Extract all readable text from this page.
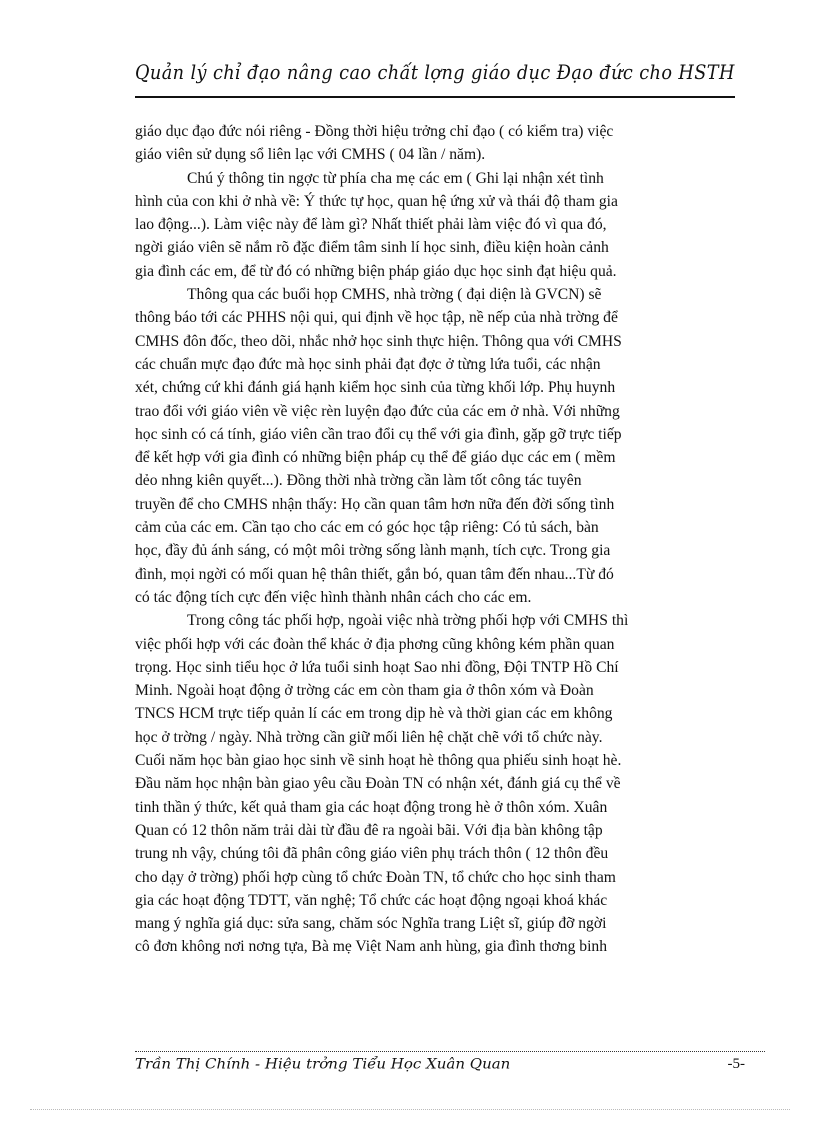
Quản lý chỉ đạo nâng cao chất lợng giáo dục Đạo đức cho HSTH
giáo dục đạo đức nói riêng - Đồng thời hiệu trởng chỉ đạo ( có kiểm tra) việc
giáo viên sử dụng sổ liên lạc với CMHS ( 04 lần / năm).
Chú ý thông tin ngợc từ phía cha mẹ các em ( Ghi lại nhận xét tình
hình của con khi ở nhà về: Ý thức tự học, quan hệ ứng xử và thái độ tham gia
lao động...). Làm việc này để làm gì? Nhất thiết phải làm việc đó vì qua đó,
ngời giáo viên sẽ nắm rõ đặc điểm tâm sinh lí học sinh, điều kiện hoàn cảnh
gia đình các em, để từ đó có những biện pháp giáo dục học sinh đạt hiệu quả.
Thông qua các buổi họp CMHS, nhà trờng ( đại diện là GVCN) sẽ
thông báo tới các PHHS nội qui, qui định về học tập, nề nếp của nhà trờng để
CMHS đôn đốc, theo dõi, nhắc nhở học sinh thực hiện. Thông qua với CMHS
các chuẩn mực đạo đức mà học sinh phải đạt đợc ở từng lứa tuổi, các nhận
xét, chứng cứ khi đánh giá hạnh kiểm học sinh của từng khối lớp. Phụ huynh
trao đổi với giáo viên về việc rèn luyện đạo đức của các em ở nhà. Với những
học sinh có cá tính, giáo viên cần trao đổi cụ thể với gia đình, gặp gỡ trực tiếp
để kết hợp với gia đình có những biện pháp cụ thể để giáo dục các em ( mềm
dẻo nhng kiên quyết...). Đồng thời nhà trờng cần làm tốt công tác tuyên
truyền để cho CMHS nhận thấy: Họ cần quan tâm hơn nữa đến đời sống tình
cảm của các em. Cần tạo cho các em có góc học tập riêng: Có tủ sách, bàn
học, đầy đủ ánh sáng, có một môi trờng sống lành mạnh, tích cực. Trong gia
đình, mọi ngời có mối quan hệ thân thiết, gắn bó, quan tâm đến nhau...Từ đó
có tác động tích cực đến việc hình thành nhân cách cho các em.
Trong công tác phối hợp, ngoài việc nhà trờng phối hợp với CMHS thì
việc phối hợp với các đoàn thể khác ở địa phơng cũng không kém phần quan
trọng. Học sinh tiểu học ở lứa tuổi sinh hoạt Sao nhi đồng, Đội TNTP Hồ Chí
Minh. Ngoài hoạt động ở trờng các em còn tham gia ở thôn xóm và Đoàn
TNCS HCM trực tiếp quản lí các em trong dịp hè và thời gian các em không
học ở trờng / ngày. Nhà trờng cần giữ mối liên hệ chặt chẽ với tổ chức này.
Cuối năm học bàn giao học sinh về sinh hoạt hè thông qua phiếu sinh hoạt hè.
Đầu năm học nhận bàn giao yêu cầu Đoàn TN có nhận xét, đánh giá cụ thể về
tinh thần ý thức, kết quả tham gia các hoạt động trong hè ở thôn xóm. Xuân
Quan có 12 thôn năm trải dài từ đầu đê ra ngoài bãi. Với địa bàn không tập
trung nh vậy, chúng tôi đã phân công giáo viên phụ trách thôn ( 12 thôn đều
cho dạy ở trờng) phối hợp cùng tổ chức Đoàn TN, tổ chức cho học sinh tham
gia các hoạt động TDTT, văn nghệ; Tổ chức các hoạt động ngoại khoá khác
mang ý nghĩa giá dục: sửa sang, chăm sóc Nghĩa trang Liệt sĩ, giúp đỡ ngời
cô đơn không nơi nơng tựa, Bà mẹ Việt Nam anh hùng, gia đình thơng binh
Trần Thị Chính - Hiệu trởng Tiểu Học Xuân Quan	-5-
